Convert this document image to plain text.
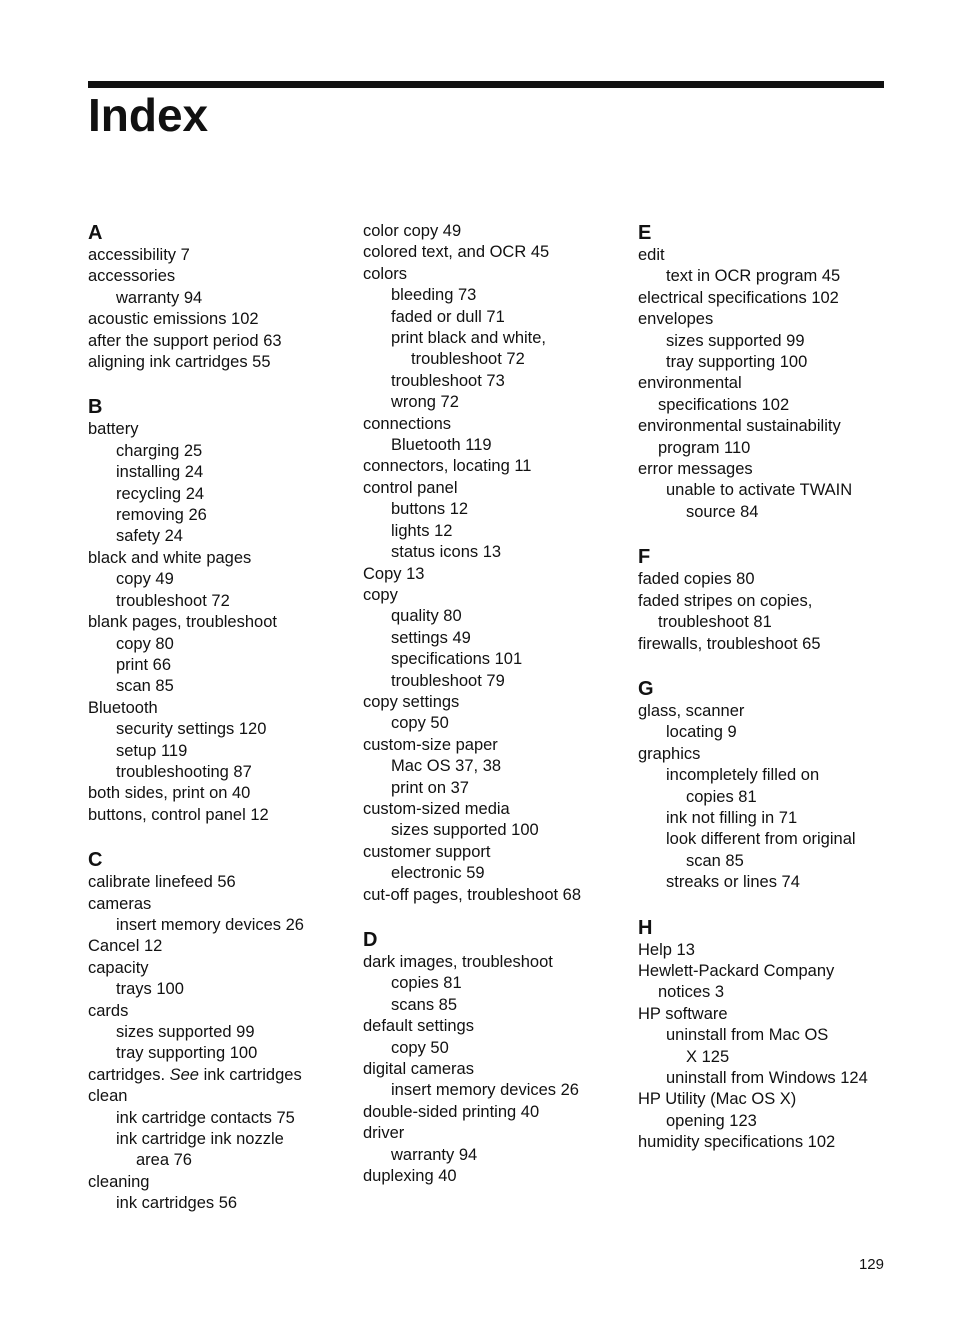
Index
A
accessibility 7
accessories
warranty 94
acoustic emissions 102
after the support period 63
aligning ink cartridges 55
B
battery
charging 25
installing 24
recycling 24
removing 26
safety 24
black and white pages
copy 49
troubleshoot 72
blank pages, troubleshoot
copy 80
print 66
scan 85
Bluetooth
security settings 120
setup 119
troubleshooting 87
both sides, print on 40
buttons, control panel 12
C
calibrate linefeed 56
cameras
insert memory devices 26
Cancel 12
capacity
trays 100
cards
sizes supported 99
tray supporting 100
cartridges. See ink cartridges
clean
ink cartridge contacts 75
ink cartridge ink nozzle
area 76
cleaning
ink cartridges 56
color copy 49
colored text, and OCR 45
colors
bleeding 73
faded or dull 71
print black and white,
troubleshoot 72
troubleshoot 73
wrong 72
connections
Bluetooth 119
connectors, locating 11
control panel
buttons 12
lights 12
status icons 13
Copy 13
copy
quality 80
settings 49
specifications 101
troubleshoot 79
copy settings
copy 50
custom-size paper
Mac OS 37, 38
print on 37
custom-sized media
sizes supported 100
customer support
electronic 59
cut-off pages, troubleshoot 68
D
dark images, troubleshoot
copies 81
scans 85
default settings
copy 50
digital cameras
insert memory devices 26
double-sided printing 40
driver
warranty 94
duplexing 40
E
edit
text in OCR program 45
electrical specifications 102
envelopes
sizes supported 99
tray supporting 100
environmental
specifications 102
environmental sustainability
program 110
error messages
unable to activate TWAIN
source 84
F
faded copies 80
faded stripes on copies,
troubleshoot 81
firewalls, troubleshoot 65
G
glass, scanner
locating 9
graphics
incompletely filled on
copies 81
ink not filling in 71
look different from original
scan 85
streaks or lines 74
H
Help 13
Hewlett-Packard Company
notices 3
HP software
uninstall from Mac OS
X 125
uninstall from Windows 124
HP Utility (Mac OS X)
opening 123
humidity specifications 102
129
